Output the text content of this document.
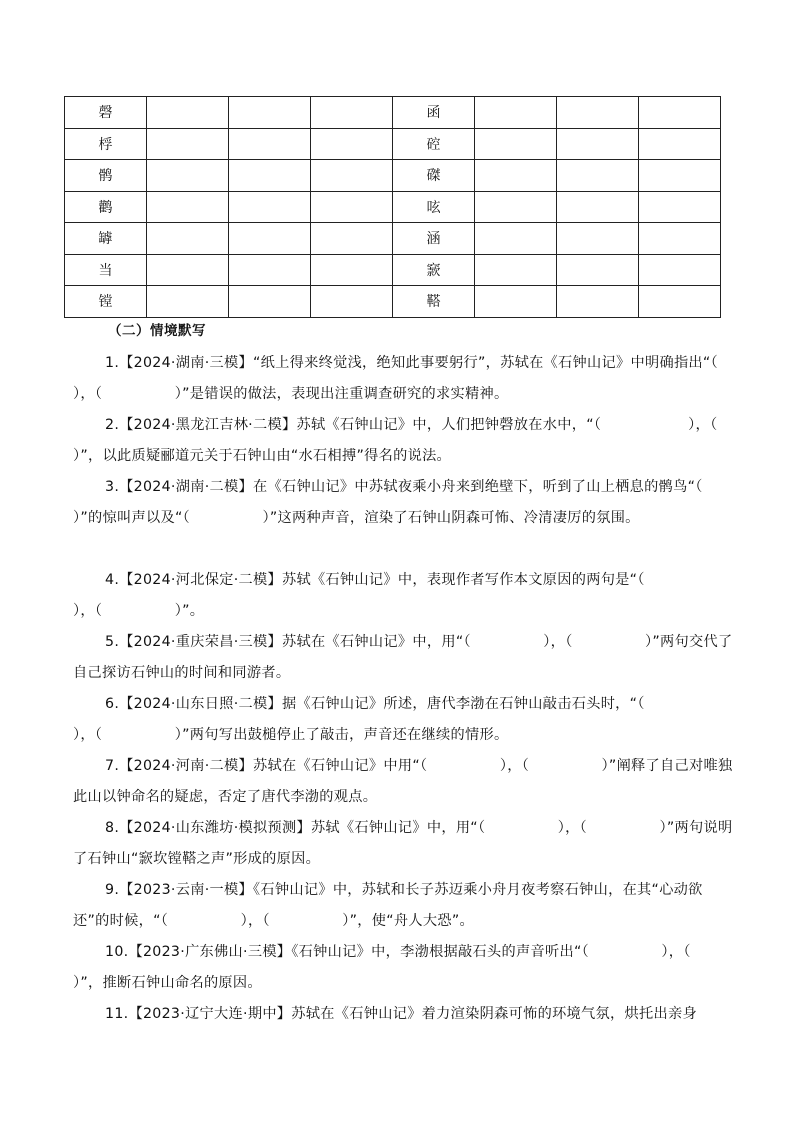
磬				函			
桴				硿			
鹘				磔			
鹳				呟			
罅				涵			
当				窾			
镗				鞳			
（二）情境默写

1.【2024·湖南·三模】“纸上得来终觉浅，绝知此事要躬行”，苏轼在《石钟山记》中明确指出“（　　　　　），（　　　　　）”是错误的做法，表现出注重调查研究的求实精神。

2.【2024·黑龙江吉林·二模】苏轼《石钟山记》中，人们把钟磬放在水中，“（　　　　　　），（　　　　　）”，以此质疑郦道元关于石钟山由“水石相搏”得名的说法。

3.【2024·湖南·二模】在《石钟山记》中苏轼夜乘小舟来到绝壁下，听到了山上栖息的鹘鸟“（　　　　　）”的惊叫声以及“（　　　　　）”这两种声音，渲染了石钟山阴森可怖、冷清凄厉的氛围。

4.【2024·河北保定·二模】苏轼《石钟山记》中，表现作者写作本文原因的两句是“（　　　　　），（　　　　　）”。

5.【2024·重庆荣昌·三模】苏轼在《石钟山记》中，用“（　　　　　），（　　　　　）”两句交代了自己探访石钟山的时间和同游者。

6.【2024·山东日照·二模】据《石钟山记》所述，唐代李渤在石钟山敲击石头时，“（　　　　　），（　　　　　）”两句写出鼓槌停止了敲击，声音还在继续的情形。

7.【2024·河南·二模】苏轼在《石钟山记》中用“（　　　　　），（　　　　　）”阐释了自己对唯独此山以钟命名的疑虑，否定了唐代李渤的观点。

8.【2024·山东潍坊·模拟预测】苏轼《石钟山记》中，用“（　　　　　），（　　　　　）”两句说明了石钟山“窾坎镗鞳之声”形成的原因。

9.【2023·云南·一模】《石钟山记》中，苏轼和长子苏迈乘小舟月夜考察石钟山，在其“心动欲还”的时候，“（　　　　　），（　　　　　）”，使“舟人大恐”。

10.【2023·广东佛山·三模】《石钟山记》中，李渤根据敲石头的声音听出“（　　　　　），（　　　　　）”，推断石钟山命名的原因。

11.【2023·辽宁大连·期中】苏轼在《石钟山记》着力渲染阴森可怖的环境气氛，烘托出亲身
